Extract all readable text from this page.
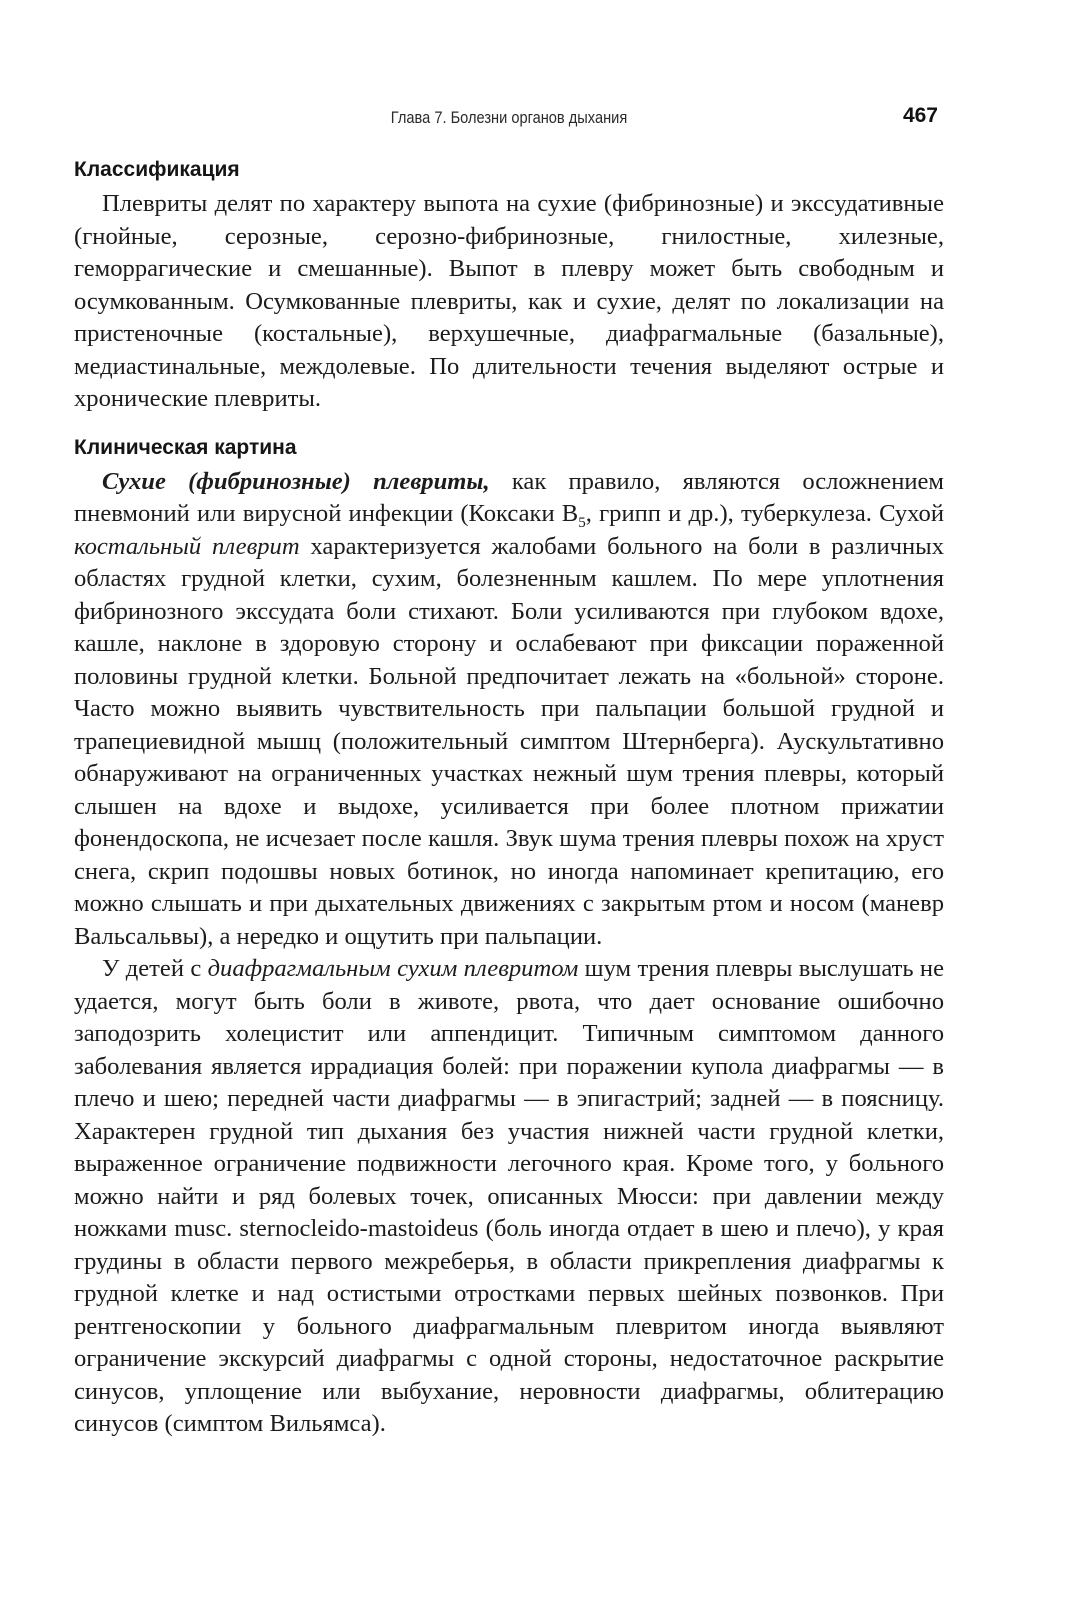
Глава 7. Болезни органов дыхания	467
Классификация

Плевриты делят по характеру выпота на сухие (фибринозные) и экссудативные (гнойные, серозные, серозно-фибринозные, гнилостные, хилезные, геморрагические и смешанные). Выпот в плевру может быть свободным и осумкованным. Осумкованные плевриты, как и сухие, делят по локализации на пристеночные (костальные), верхушечные, диафрагмальные (базальные), медиастинальные, междолевые. По длительности течения выделяют острые и хронические плевриты.

Клиническая картина

Сухие (фибринозные) плевриты, как правило, являются осложнением пневмоний или вирусной инфекции (Коксаки $B_5$, грипп и др.), туберкулеза. Сухой костальный плеврит характеризуется жалобами больного на боли в различных областях грудной клетки, сухим, болезненным кашлем. По мере уплотнения фибринозного экссудата боли стихают. Боли усиливаются при глубоком вдохе, кашле, наклоне в здоровую сторону и ослабевают при фиксации пораженной половины грудной клетки. Больной предпочитает лежать на «больной» стороне. Часто можно выявить чувствительность при пальпации большой грудной и трапециевидной мышц (положительный симптом Штернберга). Аускультативно обнаруживают на ограниченных участках нежный шум трения плевры, который слышен на вдохе и выдохе, усиливается при более плотном прижатии фонендоскопа, не исчезает после кашля. Звук шума трения плевры похож на хруст снега, скрип подошвы новых ботинок, но иногда напоминает крепитацию, его можно слышать и при дыхательных движениях с закрытым ртом и носом (маневр Вальсальвы), а нередко и ощутить при пальпации.

У детей с диафрагмальным сухим плевритом шум трения плевры выслушать не удается, могут быть боли в животе, рвота, что дает основание ошибочно заподозрить холецистит или аппендицит. Типичным симптомом данного заболевания является иррадиация болей: при поражении купола диафрагмы — в плечо и шею; передней части диафрагмы — в эпигастрий; задней — в поясницу. Характерен грудной тип дыхания без участия нижней части грудной клетки, выраженное ограничение подвижности легочного края. Кроме того, у больного можно найти и ряд болевых точек, описанных Мюсси: при давлении между ножками musc. sternocleido-mastoideus (боль иногда отдает в шею и плечо), у края грудины в области первого межреберья, в области прикрепления диафрагмы к грудной клетке и над остистыми отростками первых шейных позвонков. При рентгеноскопии у больного диафрагмальным плевритом иногда выявляют ограничение экскурсий диафрагмы с одной стороны, недостаточное раскрытие синусов, уплощение или выбухание, неровности диафрагмы, облитерацию синусов (симптом Вильямса).
